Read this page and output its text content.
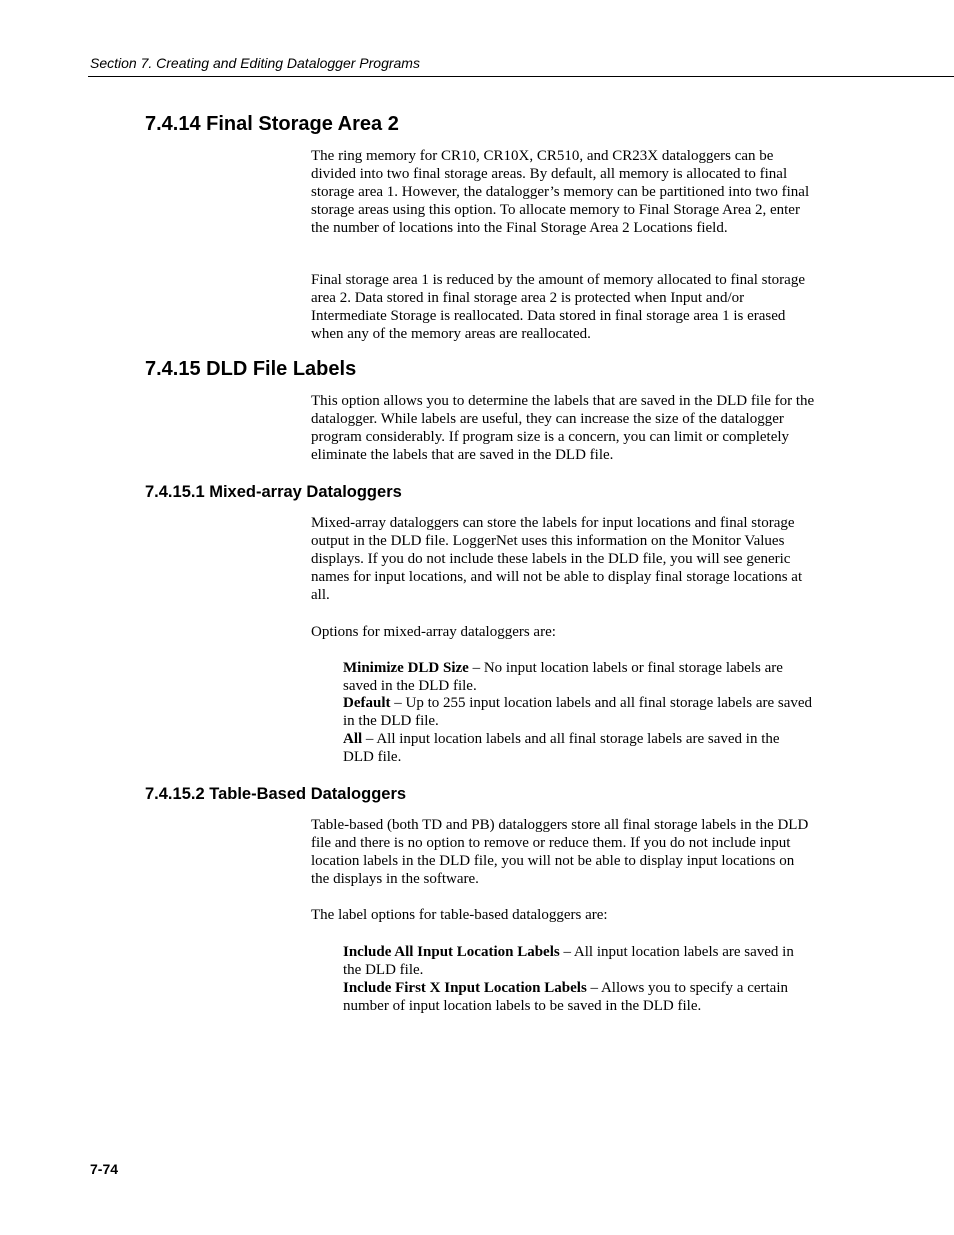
Section 7. Creating and Editing Datalogger Programs
7.4.14 Final Storage Area 2

The ring memory for CR10, CR10X, CR510, and CR23X dataloggers can be divided into two final storage areas. By default, all memory is allocated to final storage area 1. However, the datalogger’s memory can be partitioned into two final storage areas using this option. To allocate memory to Final Storage Area 2, enter the number of locations into the Final Storage Area 2 Locations field.

Final storage area 1 is reduced by the amount of memory allocated to final storage area 2. Data stored in final storage area 2 is protected when Input and/or Intermediate Storage is reallocated. Data stored in final storage area 1 is erased when any of the memory areas are reallocated.

7.4.15 DLD File Labels

This option allows you to determine the labels that are saved in the DLD file for the datalogger. While labels are useful, they can increase the size of the datalogger program considerably. If program size is a concern, you can limit or completely eliminate the labels that are saved in the DLD file.

7.4.15.1 Mixed-array Dataloggers

Mixed-array dataloggers can store the labels for input locations and final storage output in the DLD file. LoggerNet uses this information on the Monitor Values displays. If you do not include these labels in the DLD file, you will see generic names for input locations, and will not be able to display final storage locations at all.

Options for mixed-array dataloggers are:

Minimize DLD Size – No input location labels or final storage labels are saved in the DLD file.

Default – Up to 255 input location labels and all final storage labels are saved in the DLD file.

All – All input location labels and all final storage labels are saved in the DLD file.

7.4.15.2 Table-Based Dataloggers

Table-based (both TD and PB) dataloggers store all final storage labels in the DLD file and there is no option to remove or reduce them. If you do not include input location labels in the DLD file, you will not be able to display input locations on the displays in the software.

The label options for table-based dataloggers are:

Include All Input Location Labels – All input location labels are saved in the DLD file.

Include First X Input Location Labels – Allows you to specify a certain number of input location labels to be saved in the DLD file.

7-74
